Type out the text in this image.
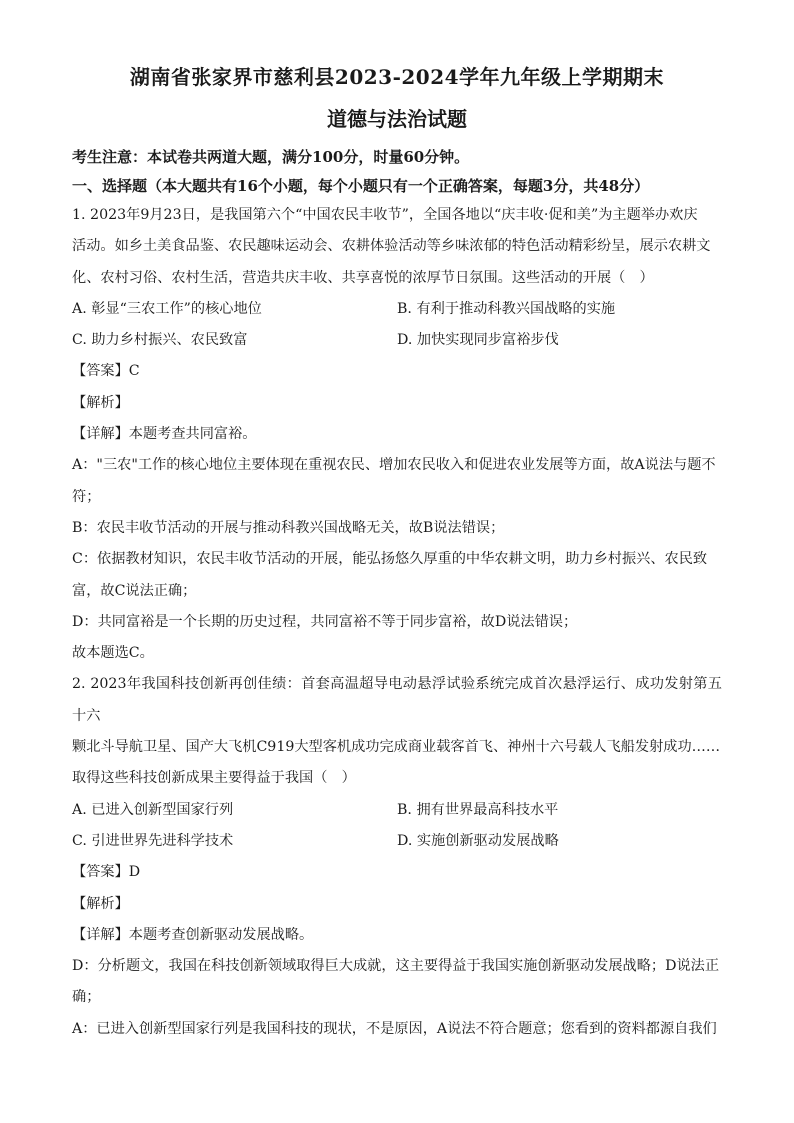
湖南省张家界市慈利县2023-2024学年九年级上学期期末
道德与法治试题
考生注意：本试卷共两道大题，满分100分，时量60分钟。
一、选择题（本大题共有16个小题，每个小题只有一个正确答案，每题3分，共48分）

1. 2023年9月23日，是我国第六个“中国农民丰收节”，全国各地以“庆丰收·促和美”为主题举办欢庆

活动。如乡土美食品鉴、农民趣味运动会、农耕体验活动等乡味浓郁的特色活动精彩纷呈，展示农耕文

化、农村习俗、农村生活，营造共庆丰收、共享喜悦的浓厚节日氛围。这些活动的开展（　）

A. 彰显“三农工作”的核心地位	B. 有利于推动科教兴国战略的实施

C. 助力乡村振兴、农民致富	D. 加快实现同步富裕步伐

【答案】C

【解析】

【详解】本题考查共同富裕。

A："三农"工作的核心地位主要体现在重视农民、增加农民收入和促进农业发展等方面，故A说法与题不

符；

B：农民丰收节活动的开展与推动科教兴国战略无关，故B说法错误；

C：依据教材知识，农民丰收节活动的开展，能弘扬悠久厚重的中华农耕文明，助力乡村振兴、农民致

富，故C说法正确；

D：共同富裕是一个长期的历史过程，共同富裕不等于同步富裕，故D说法错误；

故本题选C。

2. 2023年我国科技创新再创佳绩：首套高温超导电动悬浮试验系统完成首次悬浮运行、成功发射第五十六

颗北斗导航卫星、国产大飞机C919大型客机成功完成商业载客首飞、神州十六号载人飞船发射成功……

取得这些科技创新成果主要得益于我国（　）

A. 已进入创新型国家行列	B. 拥有世界最高科技水平

C. 引进世界先进科学技术	D. 实施创新驱动发展战略

【答案】D

【解析】

【详解】本题考查创新驱动发展战略。

D：分析题文，我国在科技创新领域取得巨大成就，这主要得益于我国实施创新驱动发展战略；D说法正

确；

A：已进入创新型国家行列是我国科技的现状，不是原因，A说法不符合题意；您看到的资料都源自我们
